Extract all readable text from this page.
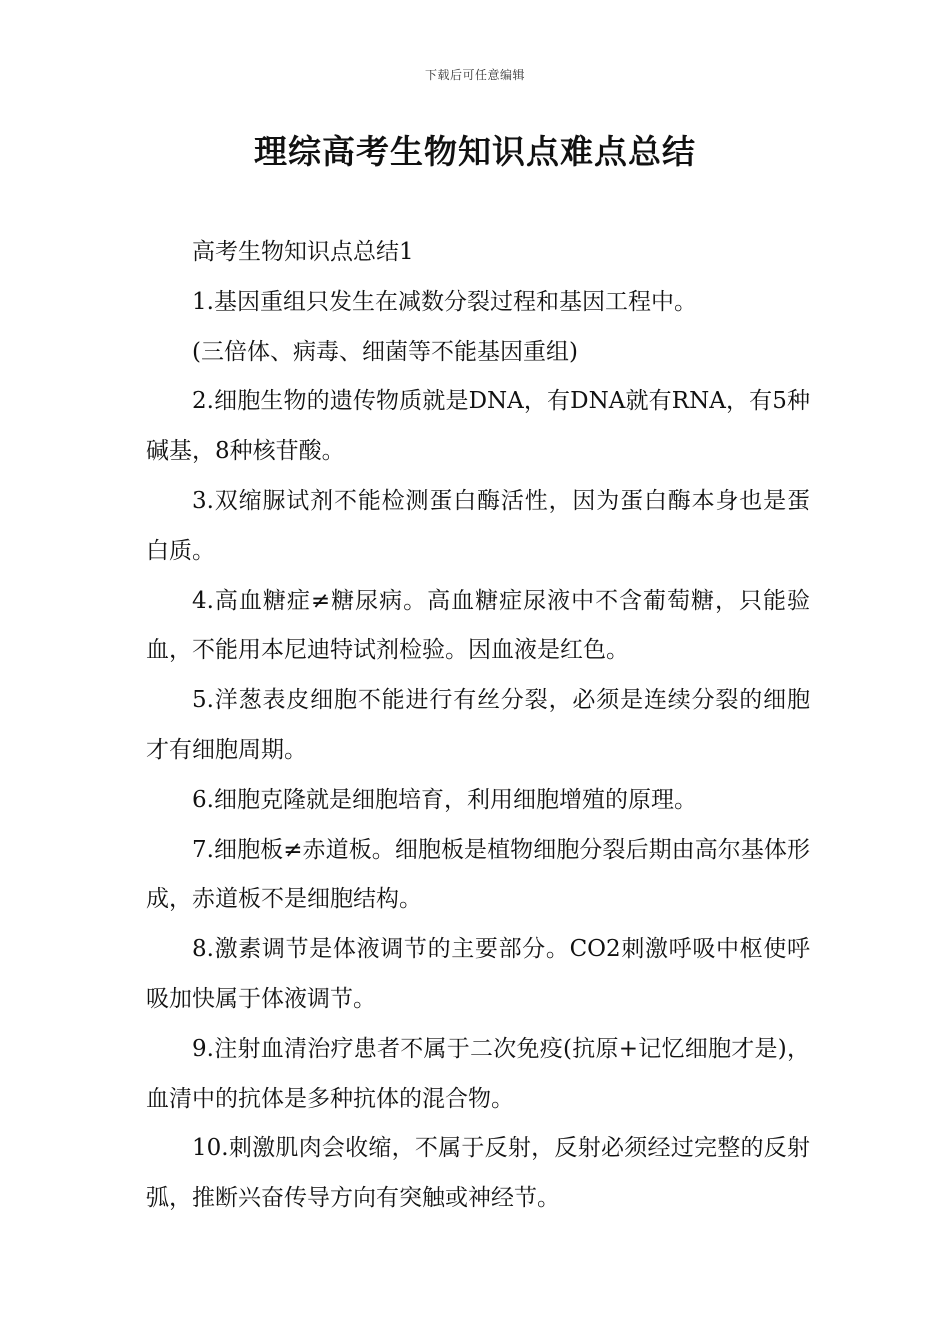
下载后可任意编辑
理综高考生物知识点难点总结

高考生物知识点总结1

1.基因重组只发生在减数分裂过程和基因工程中。

(三倍体、病毒、细菌等不能基因重组)

2.细胞生物的遗传物质就是DNA，有DNA就有RNA，有5种碱基，8种核苷酸。

3.双缩脲试剂不能检测蛋白酶活性，因为蛋白酶本身也是蛋白质。

4.高血糖症≠糖尿病。高血糖症尿液中不含葡萄糖，只能验血，不能用本尼迪特试剂检验。因血液是红色。

5.洋葱表皮细胞不能进行有丝分裂，必须是连续分裂的细胞才有细胞周期。

6.细胞克隆就是细胞培育，利用细胞增殖的原理。

7.细胞板≠赤道板。细胞板是植物细胞分裂后期由高尔基体形成，赤道板不是细胞结构。

8.激素调节是体液调节的主要部分。CO2刺激呼吸中枢使呼吸加快属于体液调节。

9.注射血清治疗患者不属于二次免疫(抗原+记忆细胞才是)，血清中的抗体是多种抗体的混合物。

10.刺激肌肉会收缩，不属于反射，反射必须经过完整的反射弧，推断兴奋传导方向有突触或神经节。
